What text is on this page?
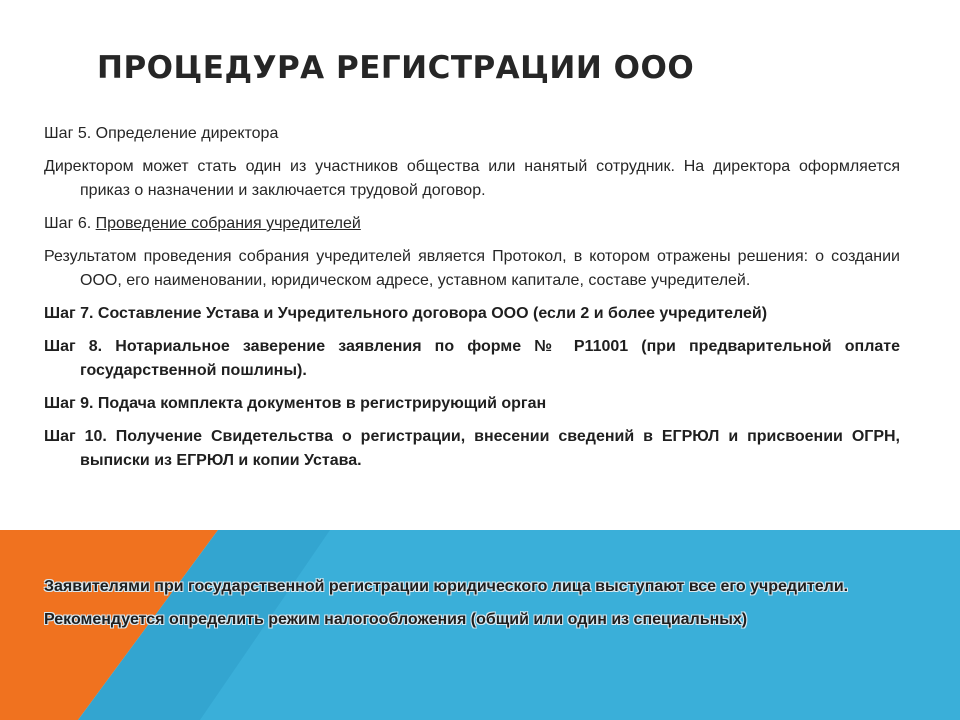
ПРОЦЕДУРА РЕГИСТРАЦИИ ООО

Шаг 5. Определение директора

Директором может стать один из участников общества или нанятый сотрудник. На директора оформляется приказ о назначении и заключается трудовой договор.

Шаг 6. Проведение собрания учредителей

Результатом проведения собрания учредителей является Протокол, в котором отражены решения: о создании ООО, его наименовании, юридическом адресе, уставном капитале, составе учредителей.

Шаг 7. Составление Устава и Учредительного договора ООО (если 2 и более учредителей)

Шаг 8. Нотариальное заверение заявления по форме № Р11001 (при предварительной оплате государственной пошлины).

Шаг 9. Подача комплекта документов в регистрирующий орган

Шаг 10. Получение Свидетельства о регистрации, внесении сведений в ЕГРЮЛ и присвоении ОГРН, выписки из ЕГРЮЛ и копии Устава.

Заявителями при государственной регистрации юридического лица выступают все его учредители.

Рекомендуется определить режим налогообложения (общий или один из специальных)
